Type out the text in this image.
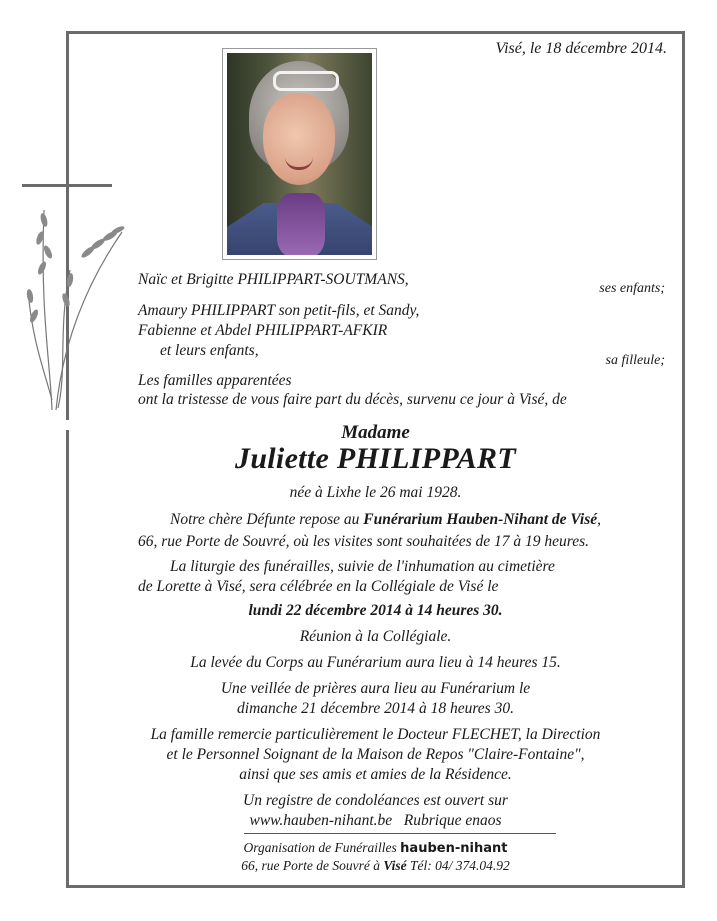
Visé, le 18 décembre 2014.
Naïc et Brigitte PHILIPPART-SOUTMANS,
ses enfants;
Amaury PHILIPPART son petit-fils, et Sandy,
Fabienne et Abdel PHILIPPART-AFKIR
et leurs enfants,
sa filleule;
Les familles apparentées
ont la tristesse de vous faire part du décès, survenu ce jour à Visé, de
Madame
Juliette PHILIPPART
née à Lixhe le 26 mai 1928.
Notre chère Défunte repose au Funérarium Hauben-Nihant de Visé,
66, rue Porte de Souvré, où les visites sont souhaitées de 17 à 19 heures.
La liturgie des funérailles, suivie de l'inhumation au cimetière
de Lorette à Visé, sera célébrée en la Collégiale de Visé le
lundi 22 décembre 2014 à 14 heures 30.
Réunion à la Collégiale.
La levée du Corps au Funérarium aura lieu à 14 heures 15.
Une veillée de prières aura lieu au Funérarium le
dimanche 21 décembre 2014 à 18 heures 30.
La famille remercie particulièrement le Docteur FLECHET, la Direction
et le Personnel Soignant de la Maison de Repos "Claire-Fontaine",
ainsi que ses amis et amies de la Résidence.
Un registre de condoléances est ouvert sur
www.hauben-nihant.be   Rubrique enaos
Organisation de Funérailles hauben-nihant
66, rue Porte de Souvré à Visé Tél: 04/ 374.04.92
